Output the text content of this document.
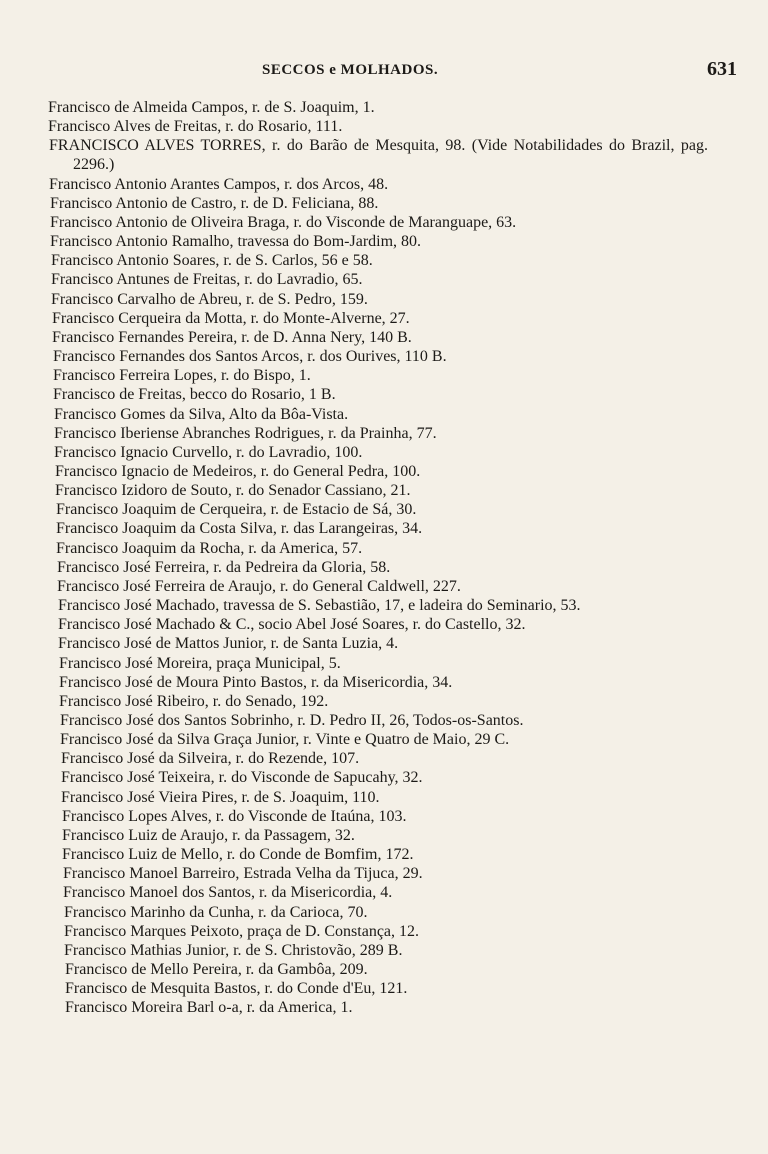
SECCOS e MOLHADOS.	631
Francisco de Almeida Campos, r. de S. Joaquim, 1.
Francisco Alves de Freitas, r. do Rosario, 111.
FRANCISCO ALVES TORRES, r. do Barão de Mesquita, 98. (Vide Notabilidades do Brazil, pag. 2296.)
Francisco Antonio Arantes Campos, r. dos Arcos, 48.
Francisco Antonio de Castro, r. de D. Feliciana, 88.
Francisco Antonio de Oliveira Braga, r. do Visconde de Maranguape, 63.
Francisco Antonio Ramalho, travessa do Bom-Jardim, 80.
Francisco Antonio Soares, r. de S. Carlos, 56 e 58.
Francisco Antunes de Freitas, r. do Lavradio, 65.
Francisco Carvalho de Abreu, r. de S. Pedro, 159.
Francisco Cerqueira da Motta, r. do Monte-Alverne, 27.
Francisco Fernandes Pereira, r. de D. Anna Nery, 140 B.
Francisco Fernandes dos Santos Arcos, r. dos Ourives, 110 B.
Francisco Ferreira Lopes, r. do Bispo, 1.
Francisco de Freitas, becco do Rosario, 1 B.
Francisco Gomes da Silva, Alto da Bôa-Vista.
Francisco Iberiense Abranches Rodrigues, r. da Prainha, 77.
Francisco Ignacio Curvello, r. do Lavradio, 100.
Francisco Ignacio de Medeiros, r. do General Pedra, 100.
Francisco Izidoro de Souto, r. do Senador Cassiano, 21.
Francisco Joaquim de Cerqueira, r. de Estacio de Sá, 30.
Francisco Joaquim da Costa Silva, r. das Larangeiras, 34.
Francisco Joaquim da Rocha, r. da America, 57.
Francisco José Ferreira, r. da Pedreira da Gloria, 58.
Francisco José Ferreira de Araujo, r. do General Caldwell, 227.
Francisco José Machado, travessa de S. Sebastião, 17, e ladeira do Seminario, 53.
Francisco José Machado & C., socio Abel José Soares, r. do Castello, 32.
Francisco José de Mattos Junior, r. de Santa Luzia, 4.
Francisco José Moreira, praça Municipal, 5.
Francisco José de Moura Pinto Bastos, r. da Misericordia, 34.
Francisco José Ribeiro, r. do Senado, 192.
Francisco José dos Santos Sobrinho, r. D. Pedro II, 26, Todos-os-Santos.
Francisco José da Silva Graça Junior, r. Vinte e Quatro de Maio, 29 C.
Francisco José da Silveira, r. do Rezende, 107.
Francisco José Teixeira, r. do Visconde de Sapucahy, 32.
Francisco José Vieira Pires, r. de S. Joaquim, 110.
Francisco Lopes Alves, r. do Visconde de Itaúna, 103.
Francisco Luiz de Araujo, r. da Passagem, 32.
Francisco Luiz de Mello, r. do Conde de Bomfim, 172.
Francisco Manoel Barreiro, Estrada Velha da Tijuca, 29.
Francisco Manoel dos Santos, r. da Misericordia, 4.
Francisco Marinho da Cunha, r. da Carioca, 70.
Francisco Marques Peixoto, praça de D. Constança, 12.
Francisco Mathias Junior, r. de S. Christovão, 289 B.
Francisco de Mello Pereira, r. da Gambôa, 209.
Francisco de Mesquita Bastos, r. do Conde d'Eu, 121.
Francisco Moreira Barl o-a, r. da America, 1.
